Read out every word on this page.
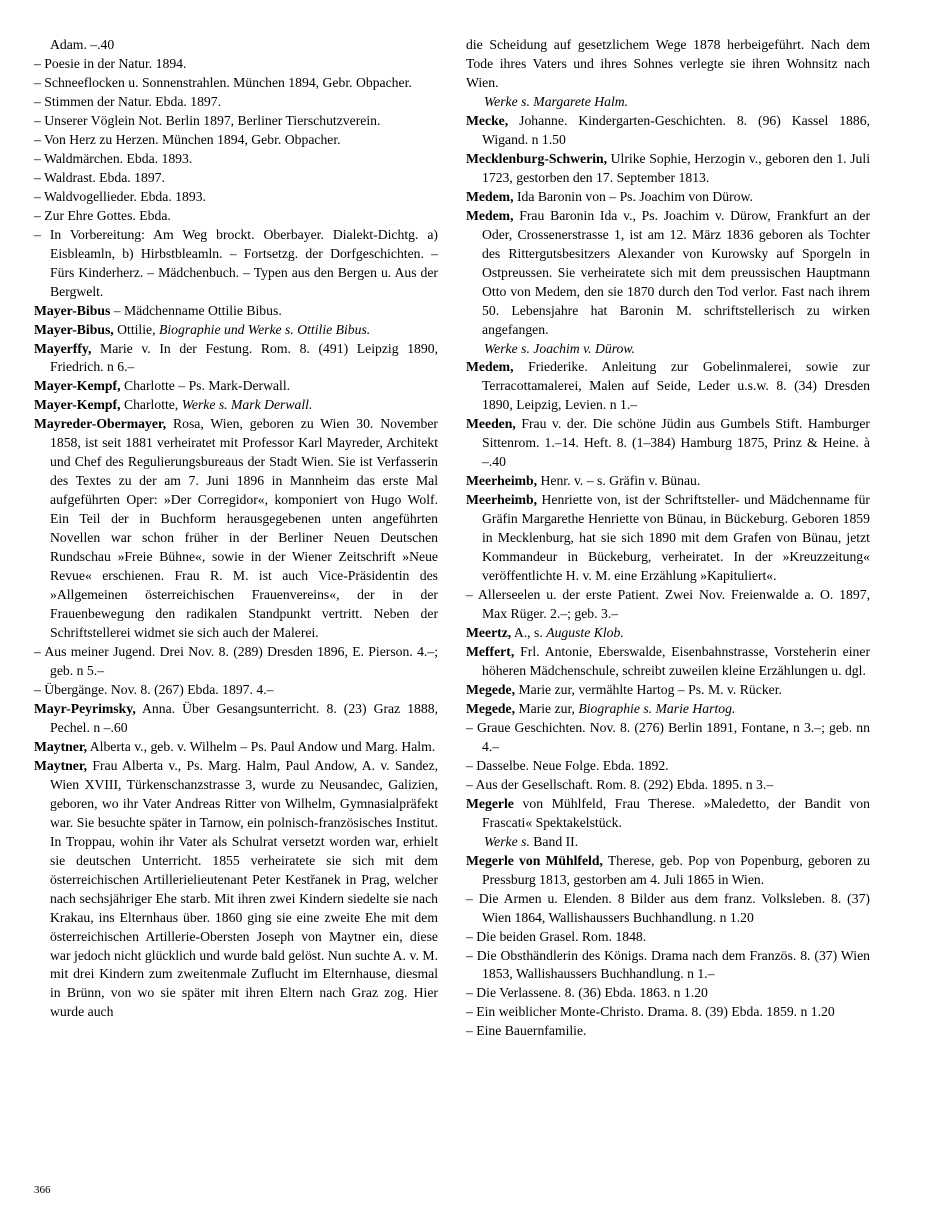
Adam. –.40

– Poesie in der Natur. 1894.

– Schneeflocken u. Sonnenstrahlen. München 1894, Gebr. Obpacher.

– Stimmen der Natur. Ebda. 1897.

– Unserer Vöglein Not. Berlin 1897, Berliner Tierschutzverein.

– Von Herz zu Herzen. München 1894, Gebr. Obpacher.

– Waldmärchen. Ebda. 1893.

– Waldrast. Ebda. 1897.

– Waldvogellieder. Ebda. 1893.

– Zur Ehre Gottes. Ebda.

– In Vorbereitung: Am Weg brockt. Oberbayer. Dialekt-Dichtg. a) Eisbleamln, b) Hirbstbleamln. – Fortsetzg. der Dorfgeschichten. – Fürs Kinderherz. – Mädchenbuch. – Typen aus den Bergen u. Aus der Bergwelt.

Mayer-Bibus – Mädchenname Ottilie Bibus.

Mayer-Bibus, Ottilie, Biographie und Werke s. Ottilie Bibus.

Mayerffy, Marie v. In der Festung. Rom. 8. (491) Leipzig 1890, Friedrich. n 6.–

Mayer-Kempf, Charlotte – Ps. Mark-Derwall.

Mayer-Kempf, Charlotte, Werke s. Mark Derwall.

Mayreder-Obermayer, Rosa, Wien, geboren zu Wien 30. November 1858, ist seit 1881 verheiratet mit Professor Karl Mayreder, Architekt und Chef des Regulierungsbureaus der Stadt Wien. Sie ist Verfasserin des Textes zu der am 7. Juni 1896 in Mannheim das erste Mal aufgeführten Oper: »Der Corregidor«, komponiert von Hugo Wolf. Ein Teil der in Buchform herausgegebenen unten angeführten Novellen war schon früher in der Berliner Neuen Deutschen Rundschau »Freie Bühne«, sowie in der Wiener Zeitschrift »Neue Revue« erschienen. Frau R. M. ist auch Vice-Präsidentin des »Allgemeinen österreichischen Frauenvereins«, der in der Frauenbewegung den radikalen Standpunkt vertritt. Neben der Schriftstellerei widmet sie sich auch der Malerei.

– Aus meiner Jugend. Drei Nov. 8. (289) Dresden 1896, E. Pierson. 4.–; geb. n 5.–

– Übergänge. Nov. 8. (267) Ebda. 1897. 4.–

Mayr-Peyrimsky, Anna. Über Gesangsunterricht. 8. (23) Graz 1888, Pechel. n –.60

Maytner, Alberta v., geb. v. Wilhelm – Ps. Paul Andow und Marg. Halm.

Maytner, Frau Alberta v., Ps. Marg. Halm, Paul Andow, A. v. Sandez, Wien XVIII, Türkenschanzstrasse 3, wurde zu Neusandec, Galizien, geboren, wo ihr Vater Andreas Ritter von Wilhelm, Gymnasialpräfekt war. Sie besuchte später in Tarnow, ein polnisch-französisches Institut. In Troppau, wohin ihr Vater als Schulrat versetzt worden war, erhielt sie deutschen Unterricht. 1855 verheiratete sie sich mit dem österreichischen Artillerielieutenant Peter Kestřanek in Prag, welcher nach sechsjähriger Ehe starb. Mit ihren zwei Kindern siedelte sie nach Krakau, ins Elternhaus über. 1860 ging sie eine zweite Ehe mit dem österreichischen Artillerie-Obersten Joseph von Maytner ein, diese war jedoch nicht glücklich und wurde bald gelöst. Nun suchte A. v. M. mit drei Kindern zum zweitenmale Zuflucht im Elternhause, diesmal in Brünn, von wo sie später mit ihren Eltern nach Graz zog. Hier wurde auch

die Scheidung auf gesetzlichem Wege 1878 herbeigeführt. Nach dem Tode ihres Vaters und ihres Sohnes verlegte sie ihren Wohnsitz nach Wien.

Werke s. Margarete Halm.

Mecke, Johanne. Kindergarten-Geschichten. 8. (96) Kassel 1886, Wigand. n 1.50

Mecklenburg-Schwerin, Ulrike Sophie, Herzogin v., geboren den 1. Juli 1723, gestorben den 17. September 1813.

Medem, Ida Baronin von – Ps. Joachim von Dürow.

Medem, Frau Baronin Ida v., Ps. Joachim v. Dürow, Frankfurt an der Oder, Crossenerstrasse 1, ist am 12. März 1836 geboren als Tochter des Rittergutsbesitzers Alexander von Kurowsky auf Sporgeln in Ostpreussen. Sie verheiratete sich mit dem preussischen Hauptmann Otto von Medem, den sie 1870 durch den Tod verlor. Fast nach ihrem 50. Lebensjahre hat Baronin M. schriftstellerisch zu wirken angefangen.

Werke s. Joachim v. Dürow.

Medem, Friederike. Anleitung zur Gobelinmalerei, sowie zur Terracottamalerei, Malen auf Seide, Leder u.s.w. 8. (34) Dresden 1890, Leipzig, Levien. n 1.–

Meeden, Frau v. der. Die schöne Jüdin aus Gumbels Stift. Hamburger Sittenrom. 1.–14. Heft. 8. (1–384) Hamburg 1875, Prinz & Heine. à –.40

Meerheimb, Henr. v. – s. Gräfin v. Bünau.

Meerheimb, Henriette von, ist der Schriftsteller- und Mädchenname für Gräfin Margarethe Henriette von Bünau, in Bückeburg. Geboren 1859 in Mecklenburg, hat sie sich 1890 mit dem Grafen von Bünau, jetzt Kommandeur in Bückeburg, verheiratet. In der »Kreuzzeitung« veröffentlichte H. v. M. eine Erzählung »Kapituliert«.

– Allerseelen u. der erste Patient. Zwei Nov. Freienwalde a. O. 1897, Max Rüger. 2.–; geb. 3.–

Meertz, A., s. Auguste Klob.

Meffert, Frl. Antonie, Eberswalde, Eisenbahnstrasse, Vorsteherin einer höheren Mädchenschule, schreibt zuweilen kleine Erzählungen u. dgl.

Megede, Marie zur, vermählte Hartog – Ps. M. v. Rücker.

Megede, Marie zur, Biographie s. Marie Hartog.

– Graue Geschichten. Nov. 8. (276) Berlin 1891, Fontane, n 3.–; geb. nn 4.–

– Dasselbe. Neue Folge. Ebda. 1892.

– Aus der Gesellschaft. Rom. 8. (292) Ebda. 1895. n 3.–

Megerle von Mühlfeld, Frau Therese. »Maledetto, der Bandit von Frascati« Spektakelstück.

Werke s. Band II.

Megerle von Mühlfeld, Therese, geb. Pop von Popenburg, geboren zu Pressburg 1813, gestorben am 4. Juli 1865 in Wien.

– Die Armen u. Elenden. 8 Bilder aus dem franz. Volksleben. 8. (37) Wien 1864, Wallishaussers Buchhandlung. n 1.20

– Die beiden Grasel. Rom. 1848.

– Die Obsthändlerin des Königs. Drama nach dem Französ. 8. (37) Wien 1853, Wallishaussers Buchhandlung. n 1.–

– Die Verlassene. 8. (36) Ebda. 1863. n 1.20

– Ein weiblicher Monte-Christo. Drama. 8. (39) Ebda. 1859. n 1.20

– Eine Bauernfamilie.

366
